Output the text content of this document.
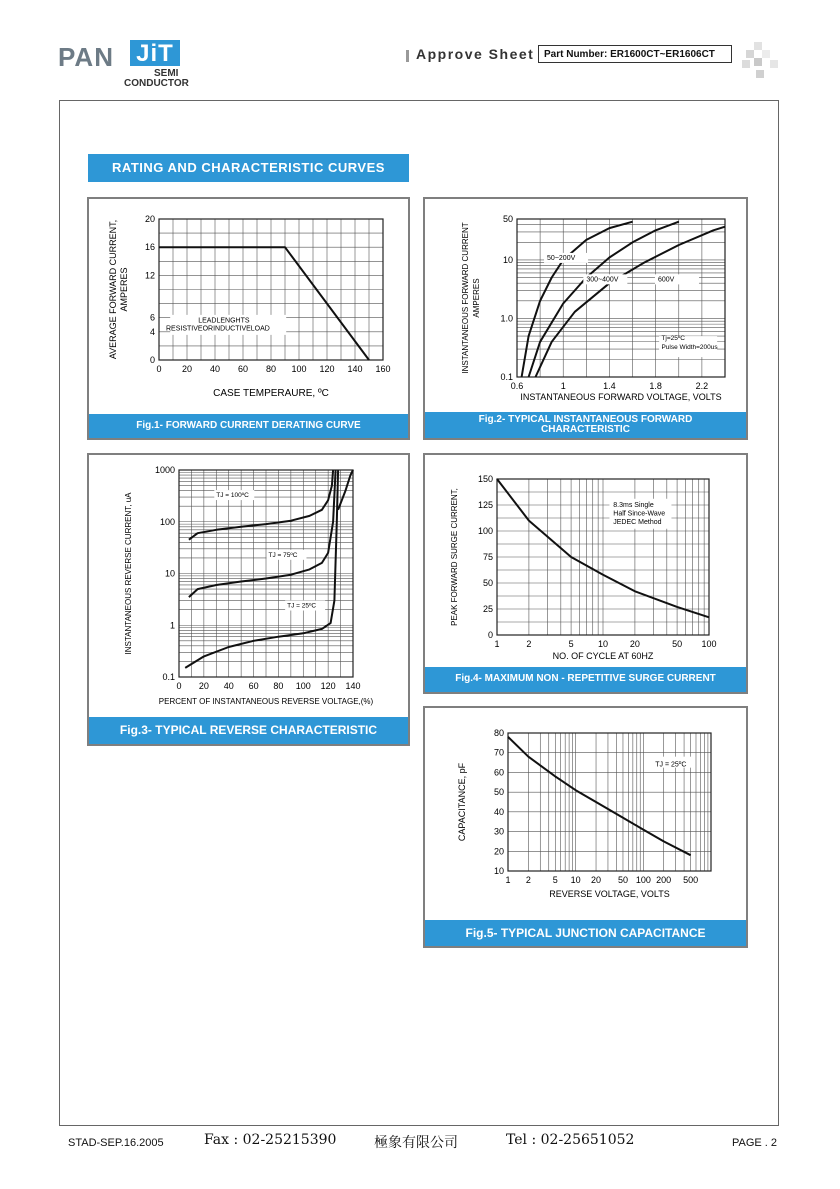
PAN JiT
SEMI
CONDUCTOR
Approve Sheet Part Number: ER1600CT~ER1606CT
RATING AND CHARACTERISTIC CURVES
0 20 40 60 80 100 120 140 160
0
4
6
12
16
20
CASE TEMPERAURE, ºC
AVERAGE FORWARD CURRENT, AMPERES
LEADLENGHTS
RESISTIVEORINDUCTIVELOAD
Fig.1- FORWARD CURRENT DERATING CURVE
0.6	1	1.4	1.8	2.2
0.1
1.0
10
50
INSTANTANEOUS FORWARD VOLTAGE, VOLTS
INSTANTANEOUS FORWARD CURRENT AMPERES
50~200V
300~400V	600V
Tj=25ºC
Pulse Width=200us
Fig.2- TYPICAL INSTANTANEOUS FORWARD CHARACTERISTIC
0 20 40 60 80 100 120 140
0.1
1
10
100
1000
PERCENT OF INSTANTANEOUS REVERSE VOLTAGE,(%)
INSTANTANEOUS REVERSE CURRENT, uA	TJ = 100ºC
TJ = 75ºC
TJ = 25ºC
Fig.3- TYPICAL REVERSE CHARACTERISTIC
1	2	5	10 20	50 100
0
25
50
75
100
125
150
NO. OF CYCLE AT 60HZ
PEAK FORWARD SURGE CURRENT,	8.3ms Single
Half Since-Wave
JEDEC Method
Fig.4- MAXIMUM NON - REPETITIVE SURGE CURRENT
1 2 5 10 20 50 100 200 500
10
20
30
40
50
60
70
80
REVERSE VOLTAGE, VOLTS
CAPACITANCE, pF	TJ = 25ºC
Fig.5- TYPICAL JUNCTION CAPACITANCE
STAD-SEP.16.2005	Fax : 02-25215390	極象有限公司	Tel : 02-25651052	PAGE . 2
